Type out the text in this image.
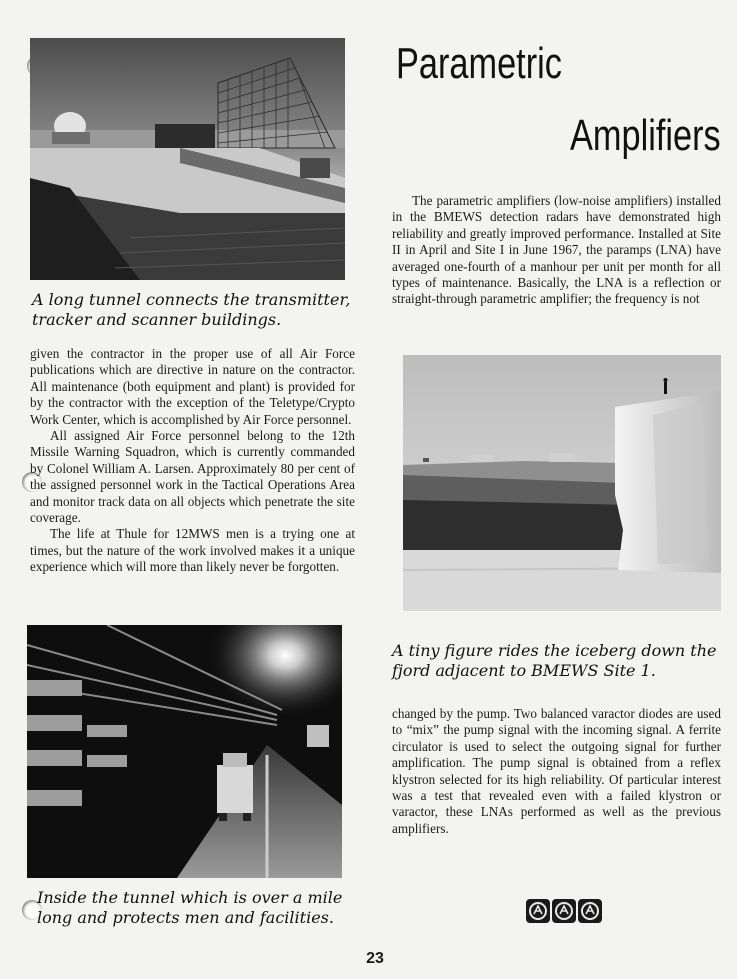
A long tunnel connects the transmitter, tracker and scanner buildings.

given the contractor in the proper use of all Air Force publications which are directive in nature on the contractor. All maintenance (both equipment and plant) is provided for by the contractor with the exception of the Teletype/Crypto Work Center, which is accomplished by Air Force personnel.

All assigned Air Force personnel belong to the 12th Missile Warning Squadron, which is currently commanded by Colonel William A. Larsen. Approximately 80 per cent of the assigned personnel work in the Tactical Operations Area and monitor track data on all objects which penetrate the site coverage.

The life at Thule for 12MWS men is a trying one at times, but the nature of the work involved makes it a unique experience which will more than likely never be forgotten.

Inside the tunnel which is over a mile long and protects men and facilities.

Parametric
Amplifiers

The parametric amplifiers (low-noise amplifiers) installed in the BMEWS detection radars have demonstrated high reliability and greatly improved performance. Installed at Site II in April and Site I in June 1967, the paramps (LNA) have averaged one-fourth of a manhour per unit per month for all types of maintenance. Basically, the LNA is a reflection or straight-through parametric amplifier; the frequency is not

A tiny figure rides the iceberg down the fjord adjacent to BMEWS Site 1.

changed by the pump. Two balanced varactor diodes are used to “mix” the pump signal with the incoming signal. A ferrite circulator is used to select the outgoing signal for further amplification. The pump signal is obtained from a reflex klystron selected for its high reliability. Of particular interest was a test that revealed even with a failed klystron or varactor, these LNAs performed as well as the previous amplifiers.

23
